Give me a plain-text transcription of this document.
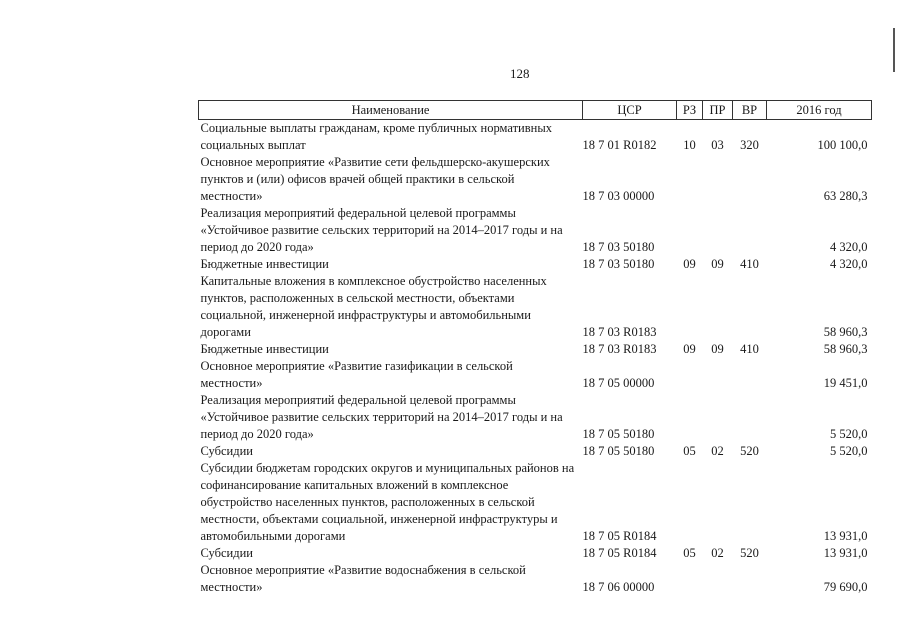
128
Наименование	ЦСР	РЗ	ПР	ВР	2016 год
Социальные выплаты гражданам, кроме публичных нормативных социальных выплат	18 7 01 R0182	10	03	320	100 100,0
Основное мероприятие «Развитие сети фельдшерско-акушерских пунктов и (или) офисов врачей общей практики в сельской местности»	18 7 03 00000				63 280,3
Реализация мероприятий федеральной целевой программы «Устойчивое развитие сельских территорий на 2014–2017 годы и на период до 2020 года»	18 7 03 50180				4 320,0
Бюджетные инвестиции	18 7 03 50180	09	09	410	4 320,0
Капитальные вложения в комплексное обустройство населенных пунктов, расположенных в сельской местности, объектами социальной, инженерной инфраструктуры и автомобильными дорогами	18 7 03 R0183				58 960,3
Бюджетные инвестиции	18 7 03 R0183	09	09	410	58 960,3
Основное мероприятие «Развитие газификации в сельской местности»	18 7 05 00000				19 451,0
Реализация мероприятий федеральной целевой программы «Устойчивое развитие сельских территорий на 2014–2017 годы и на период до 2020 года»	18 7 05 50180				5 520,0
Субсидии	18 7 05 50180	05	02	520	5 520,0
Субсидии бюджетам городских округов и муниципальных районов на софинансирование капитальных вложений в комплексное обустройство населенных пунктов, расположенных в сельской местности, объектами социальной, инженерной инфраструктуры и автомобильными дорогами	18 7 05 R0184				13 931,0
Субсидии	18 7 05 R0184	05	02	520	13 931,0
Основное мероприятие «Развитие водоснабжения в сельской местности»	18 7 06 00000				79 690,0
